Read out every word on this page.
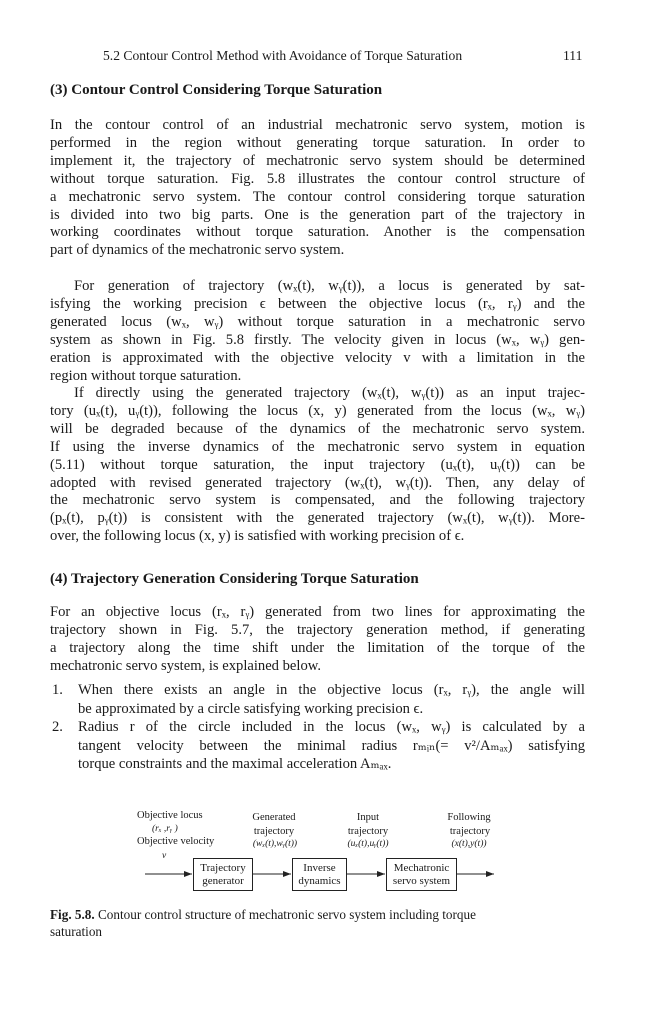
5.2 Contour Control Method with Avoidance of Torque Saturation	111
(3) Contour Control Considering Torque Saturation
In the contour control of an industrial mechatronic servo system, motion is
performed in the region without generating torque saturation. In order to
implement it, the trajectory of mechatronic servo system should be determined
without torque saturation. Fig. 5.8 illustrates the contour control structure of
a mechatronic servo system. The contour control considering torque saturation
is divided into two big parts. One is the generation part of the trajectory in
working coordinates without torque saturation. Another is the compensation
part of dynamics of the mechatronic servo system.
For generation of trajectory (wₓ(t), wᵧ(t)), a locus is generated by sat-
isfying the working precision ϵ between the objective locus (rₓ, rᵧ) and the
generated locus (wₓ, wᵧ) without torque saturation in a mechatronic servo
system as shown in Fig. 5.8 firstly. The velocity given in locus (wₓ, wᵧ) gen-
eration is approximated with the objective velocity v with a limitation in the
region without torque saturation.
If directly using the generated trajectory (wₓ(t), wᵧ(t)) as an input trajec-
tory (uₓ(t), uᵧ(t)), following the locus (x, y) generated from the locus (wₓ, wᵧ)
will be degraded because of the dynamics of the mechatronic servo system.
If using the inverse dynamics of the mechatronic servo system in equation
(5.11) without torque saturation, the input trajectory (uₓ(t), uᵧ(t)) can be
adopted with revised generated trajectory (wₓ(t), wᵧ(t)). Then, any delay of
the mechatronic servo system is compensated, and the following trajectory
(pₓ(t), pᵧ(t)) is consistent with the generated trajectory (wₓ(t), wᵧ(t)). More-
over, the following locus (x, y) is satisfied with working precision of ϵ.
For an objective locus (rₓ, rᵧ) generated from two lines for approximating the
trajectory shown in Fig. 5.7, the trajectory generation method, if generating
a trajectory along the time shift under the limitation of the torque of the
mechatronic servo system, is explained below.
1. When there exists an angle in the objective locus (rₓ, rᵧ), the angle will
be approximated by a circle satisfying working precision ϵ.
2. Radius r of the circle included in the locus (wₓ, wᵧ) is calculated by a
tangent velocity between the minimal radius rₘᵢₙ(= v²/Aₘₐₓ) satisfying
torque constraints and the maximal acceleration Aₘₐₓ.
(4) Trajectory Generation Considering Torque Saturation
Objective locus
(rₓ ,rᵧ )
Objective velocity
v
Generated
trajectory
(wₓ(t),wᵧ(t))
Input
trajectory
(uₓ(t),uᵧ(t))
Following
trajectory
(x(t),y(t))
Trajectory
generator
Inverse
dynamics
Mechatronic
servo system
Fig. 5.8. Contour control structure of mechatronic servo system including torque
saturation
